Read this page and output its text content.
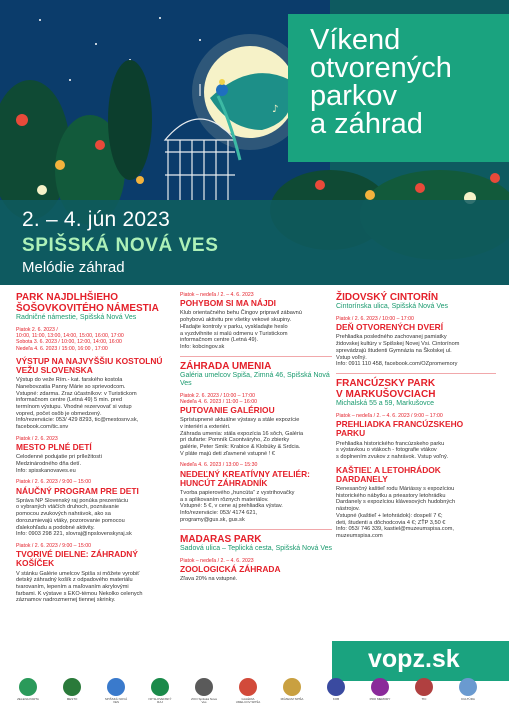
♪
Víkend
otvorených
parkov
a záhrad
2. – 4. jún 2023
SPIŠSKÁ NOVÁ VES
Melódie záhrad
PARK NAJDLHŠIEHO
ŠOŠOVKOVITÉHO NÁMESTIA
Radničné námestie, Spišská Nová Ves
Piatok 2. 6. 2023 /
10:00, 11:00, 13:00, 14:00, 15:00, 16:00, 17:00
Sobota 3. 6. 2023 / 10:00, 12:00, 14:00, 16:00
Nedeľa 4. 6. 2023 / 15:00, 16:00 , 17:00
VÝSTUP NA NAJVYŠŠIU KOSTOLNÚ
VEŽU SLOVENSKA
Výstup do veže Rím.- kat. farského kostola
Nanebovzatia Panny Márie so sprievodcom.
Vstupné: zdarma. Zraz účastníkov: v Turistickom
informačnom centre (Letná 49) 5 min. pred
termínom výstupu. Vhodné rezervovať si vstup
vopred, počet osôb je obmedzený.
Info/rezervácie: 053/ 429 8293, tic@mestosnv.sk,
facebook.com/tic.snv
Piatok / 2. 6. 2023
MESTO PLNÉ DETÍ
Celodenné podujatie pri príležitosti
Medzinárodného dňa detí.
Info: spisskanovaves.eu
Piatok / 2. 6. 2023 / 9:00 – 15:00
NÁUČNÝ PROGRAM PRE DETI
Správa NP Slovenský raj ponúka prezentáciu
o vybraných vtáčích druhoch, poznávanie
pomocou zvukových nahrávok, ako sa
dorozumievajú vtáky, pozorovanie pomocou
ďalekohľadu a podobné aktivity.
Info: 0903 298 221, slovraj@npslovenskyraj.sk
Piatok / 2. 6. 2023 / 9:00 – 15:00
TVORIVÉ DIELNE: ZÁHRADNÝ
KOŠÍČEK
V stánku Galérie umelcov Spiša si môžete vyrobiť
detský záhradný košík z odpadového materiálu
tvarovaním, lepením a maľovaním akrylovými
farbami. K výstave s EKO-témou Nekolko celenych
záznamov nadrozmernej tiennej skrinky.
Piatok – nedeľa / 2. – 4. 6. 2023
POHYBOM SI MA NÁJDI
Klub orientačného behu Čingov pripravil zábavnú
pohybovú aktivitu pre všetky vekové skupiny.
Hľadajte kontroly v parku, vyskladajte heslo
a vyzdvihnite si malú odmenu v Turistickom
informačnom centre (Letná 49).
Info: kobcingov.sk
ZÁHRADA UMENIA
Galéria umelcov Spiša, Zimná 46, Spišská Nová Ves
Piatok 2. 6. 2023 / 10:00 – 17:00
Nedeľa 4. 6. 2023 / 11:00 – 16:00
PUTOVANIE GALÉRIOU
Sprístupnené aktuálne výstavy a stále expozície
v interiéri a exteriéri.
Záhrada umenia: stála expozícia 16 sôch, Galéria
pri dufarte: Pomník Csontváryho, Zo zbierky
galérie, Peter Smik: Krabice & Klobúky & Srdcia.
V pláte majú deti zľavnené vstupné ! €
Nedeľa 4. 6. 2023 / 13:00 – 15:30
NEDEĽNÝ KREATÍVNY ATELIÉR:
HUNCÚT ZÁHRADNÍK
Tvorba papierového „huncúta“ z vystrihovačky
a s aplikovaním rôznych materiálov.
Vstupné: 5 €, v cene aj prehliadka výstav.
Info/rezervácie: 053/ 4174 621,
programy@gus.sk, gus.sk
MADARAS PARK
Sadová ulica – Teplická cesta, Spišská Nová Ves
Piatok – nedeľa / 2. – 4. 6. 2023
ZOOLOGICKÁ ZÁHRADA
Zľava 20% na vstupné.
ŽIDOVSKÝ CINTORÍN
Cintorínska ulica, Spišská Nová Ves
Piatok / 2. 6. 2023 / 10:00 – 17:00
DEŇ OTVORENÝCH DVERÍ
Prehliadka posledného zachovanej pamiatky
židovskej kultúry v Spišskej Novej Vsi. Cintorínom
sprevádzajú študenti Gymnázia na Školskej ul.
Vstup voľný.
Info: 0911 110 458, facebook.com/OZpromemory
FRANCÚZSKY PARK
V MARKUŠOVCIACH
Michalská 55 a 59, Markušovce
Piatok – nedeľa / 2. – 4. 6. 2023 / 9:00 – 17:00
PREHLIADKA FRANCÚZSKEHO
PARKU
Prehliadka historického francúzskeho parku
s výstavkou o vtákoch - fotografie vtákov
s doplnením zvukov z nahrávok. Vstup voľný.
KAŠTIEĽ A LETOHRÁDOK
DARDANELY
Renesančný kaštieľ rodu Máriássy s expozíciou
historického nábytku a prieastory letohrádku
Dardanely s expozíciou klávesových hudobných
nástrojov.
Vstupné (kaštieľ + letohrádok): dospelí 7 €;
deti, študenti a dôchodcovia 4 €; ZŤP 3,50 €
Info: 053/ 746 339, kastiel@muzeumspisa.com,
muzeumspisa.com
vopz.sk
ZELENA PARTA	MESTO	SPIŠSKÁ NOVÁ VES
NP SLOVENSKÝ RAJ
ZOO Spišská Nová Ves
GALÉRIA UMELCOV SPIŠA
MÚZEUM SPIŠA	KOB	PRO MEMORY	TIC	KULTÚRA
